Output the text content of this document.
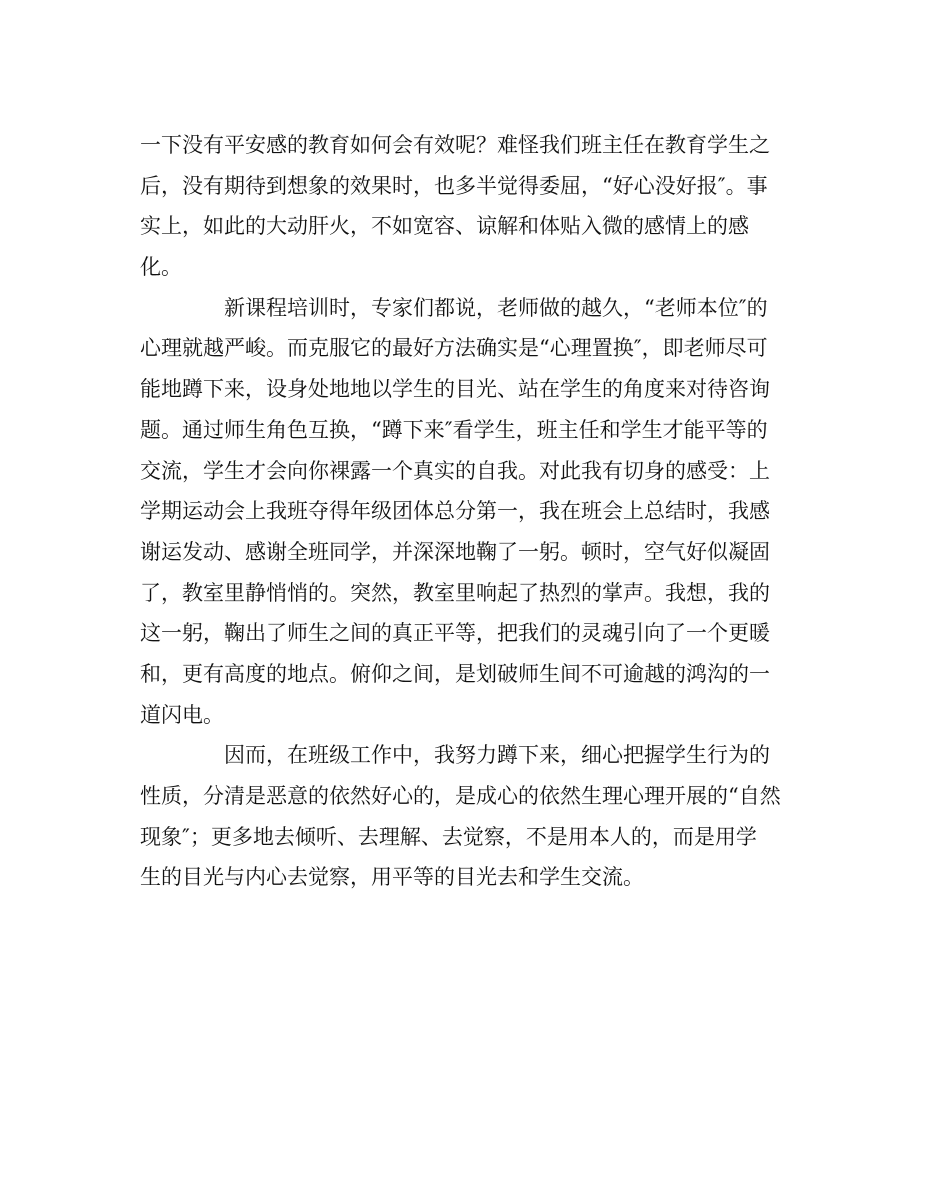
一下没有平安感的教育如何会有效呢？难怪我们班主任在教育学生之
后，没有期待到想象的效果时，也多半觉得委屈，“好心没好报″。事
实上，如此的大动肝火，不如宽容、谅解和体贴入微的感情上的感
化。
新课程培训时，专家们都说，老师做的越久，“老师本位″的
心理就越严峻。而克服它的最好方法确实是“心理置换″，即老师尽可
能地蹲下来，设身处地地以学生的目光、站在学生的角度来对待咨询
题。通过师生角色互换，“蹲下来″看学生，班主任和学生才能平等的
交流，学生才会向你裸露一个真实的自我。对此我有切身的感受：上
学期运动会上我班夺得年级团体总分第一，我在班会上总结时，我感
谢运发动、感谢全班同学，并深深地鞠了一躬。顿时，空气好似凝固
了，教室里静悄悄的。突然，教室里响起了热烈的掌声。我想，我的
这一躬，鞠出了师生之间的真正平等，把我们的灵魂引向了一个更暖
和，更有高度的地点。俯仰之间，是划破师生间不可逾越的鸿沟的一
道闪电。
因而，在班级工作中，我努力蹲下来，细心把握学生行为的
性质，分清是恶意的依然好心的，是成心的依然生理心理开展的“自然
现象″；更多地去倾听、去理解、去觉察，不是用本人的，而是用学
生的目光与内心去觉察，用平等的目光去和学生交流。
